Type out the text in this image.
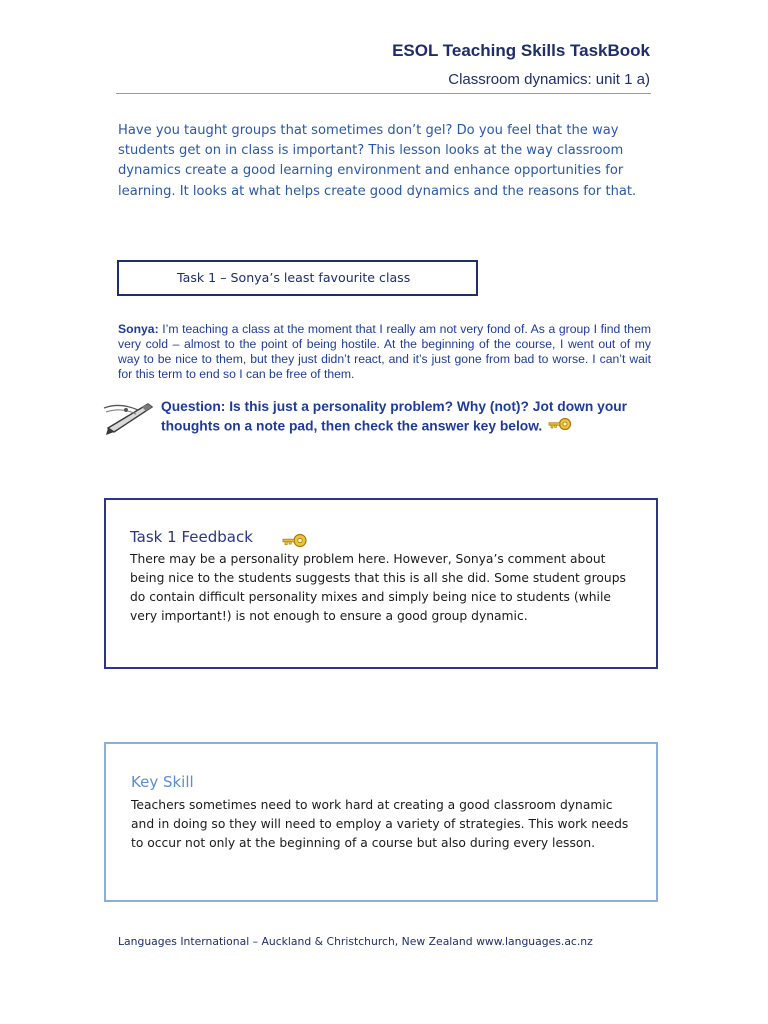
ESOL Teaching Skills TaskBook
Classroom dynamics: unit 1 a)
Have you taught groups that sometimes don’t gel? Do you feel that the way students get on in class is important? This lesson looks at the way classroom dynamics create a good learning environment and enhance opportunities for learning. It looks at what helps create good dynamics and the reasons for that.
Task 1 – Sonya’s least favourite class
Sonya: I’m teaching a class at the moment that I really am not very fond of. As a group I find them very cold – almost to the point of being hostile. At the beginning of the course, I went out of my way to be nice to them, but they just didn’t react, and it’s just gone from bad to worse. I can’t wait for this term to end so I can be free of them.
Question: Is this just a personality problem? Why (not)? Jot down your thoughts on a note pad, then check the answer key below.
Task 1 Feedback
There may be a personality problem here. However, Sonya’s comment about being nice to the students suggests that this is all she did. Some student groups do contain difficult personality mixes and simply being nice to students (while very important!) is not enough to ensure a good group dynamic.
Key Skill
Teachers sometimes need to work hard at creating a good classroom dynamic and in doing so they will need to employ a variety of strategies. This work needs to occur not only at the beginning of a course but also during every lesson.
Languages International – Auckland & Christchurch, New Zealand www.languages.ac.nz
